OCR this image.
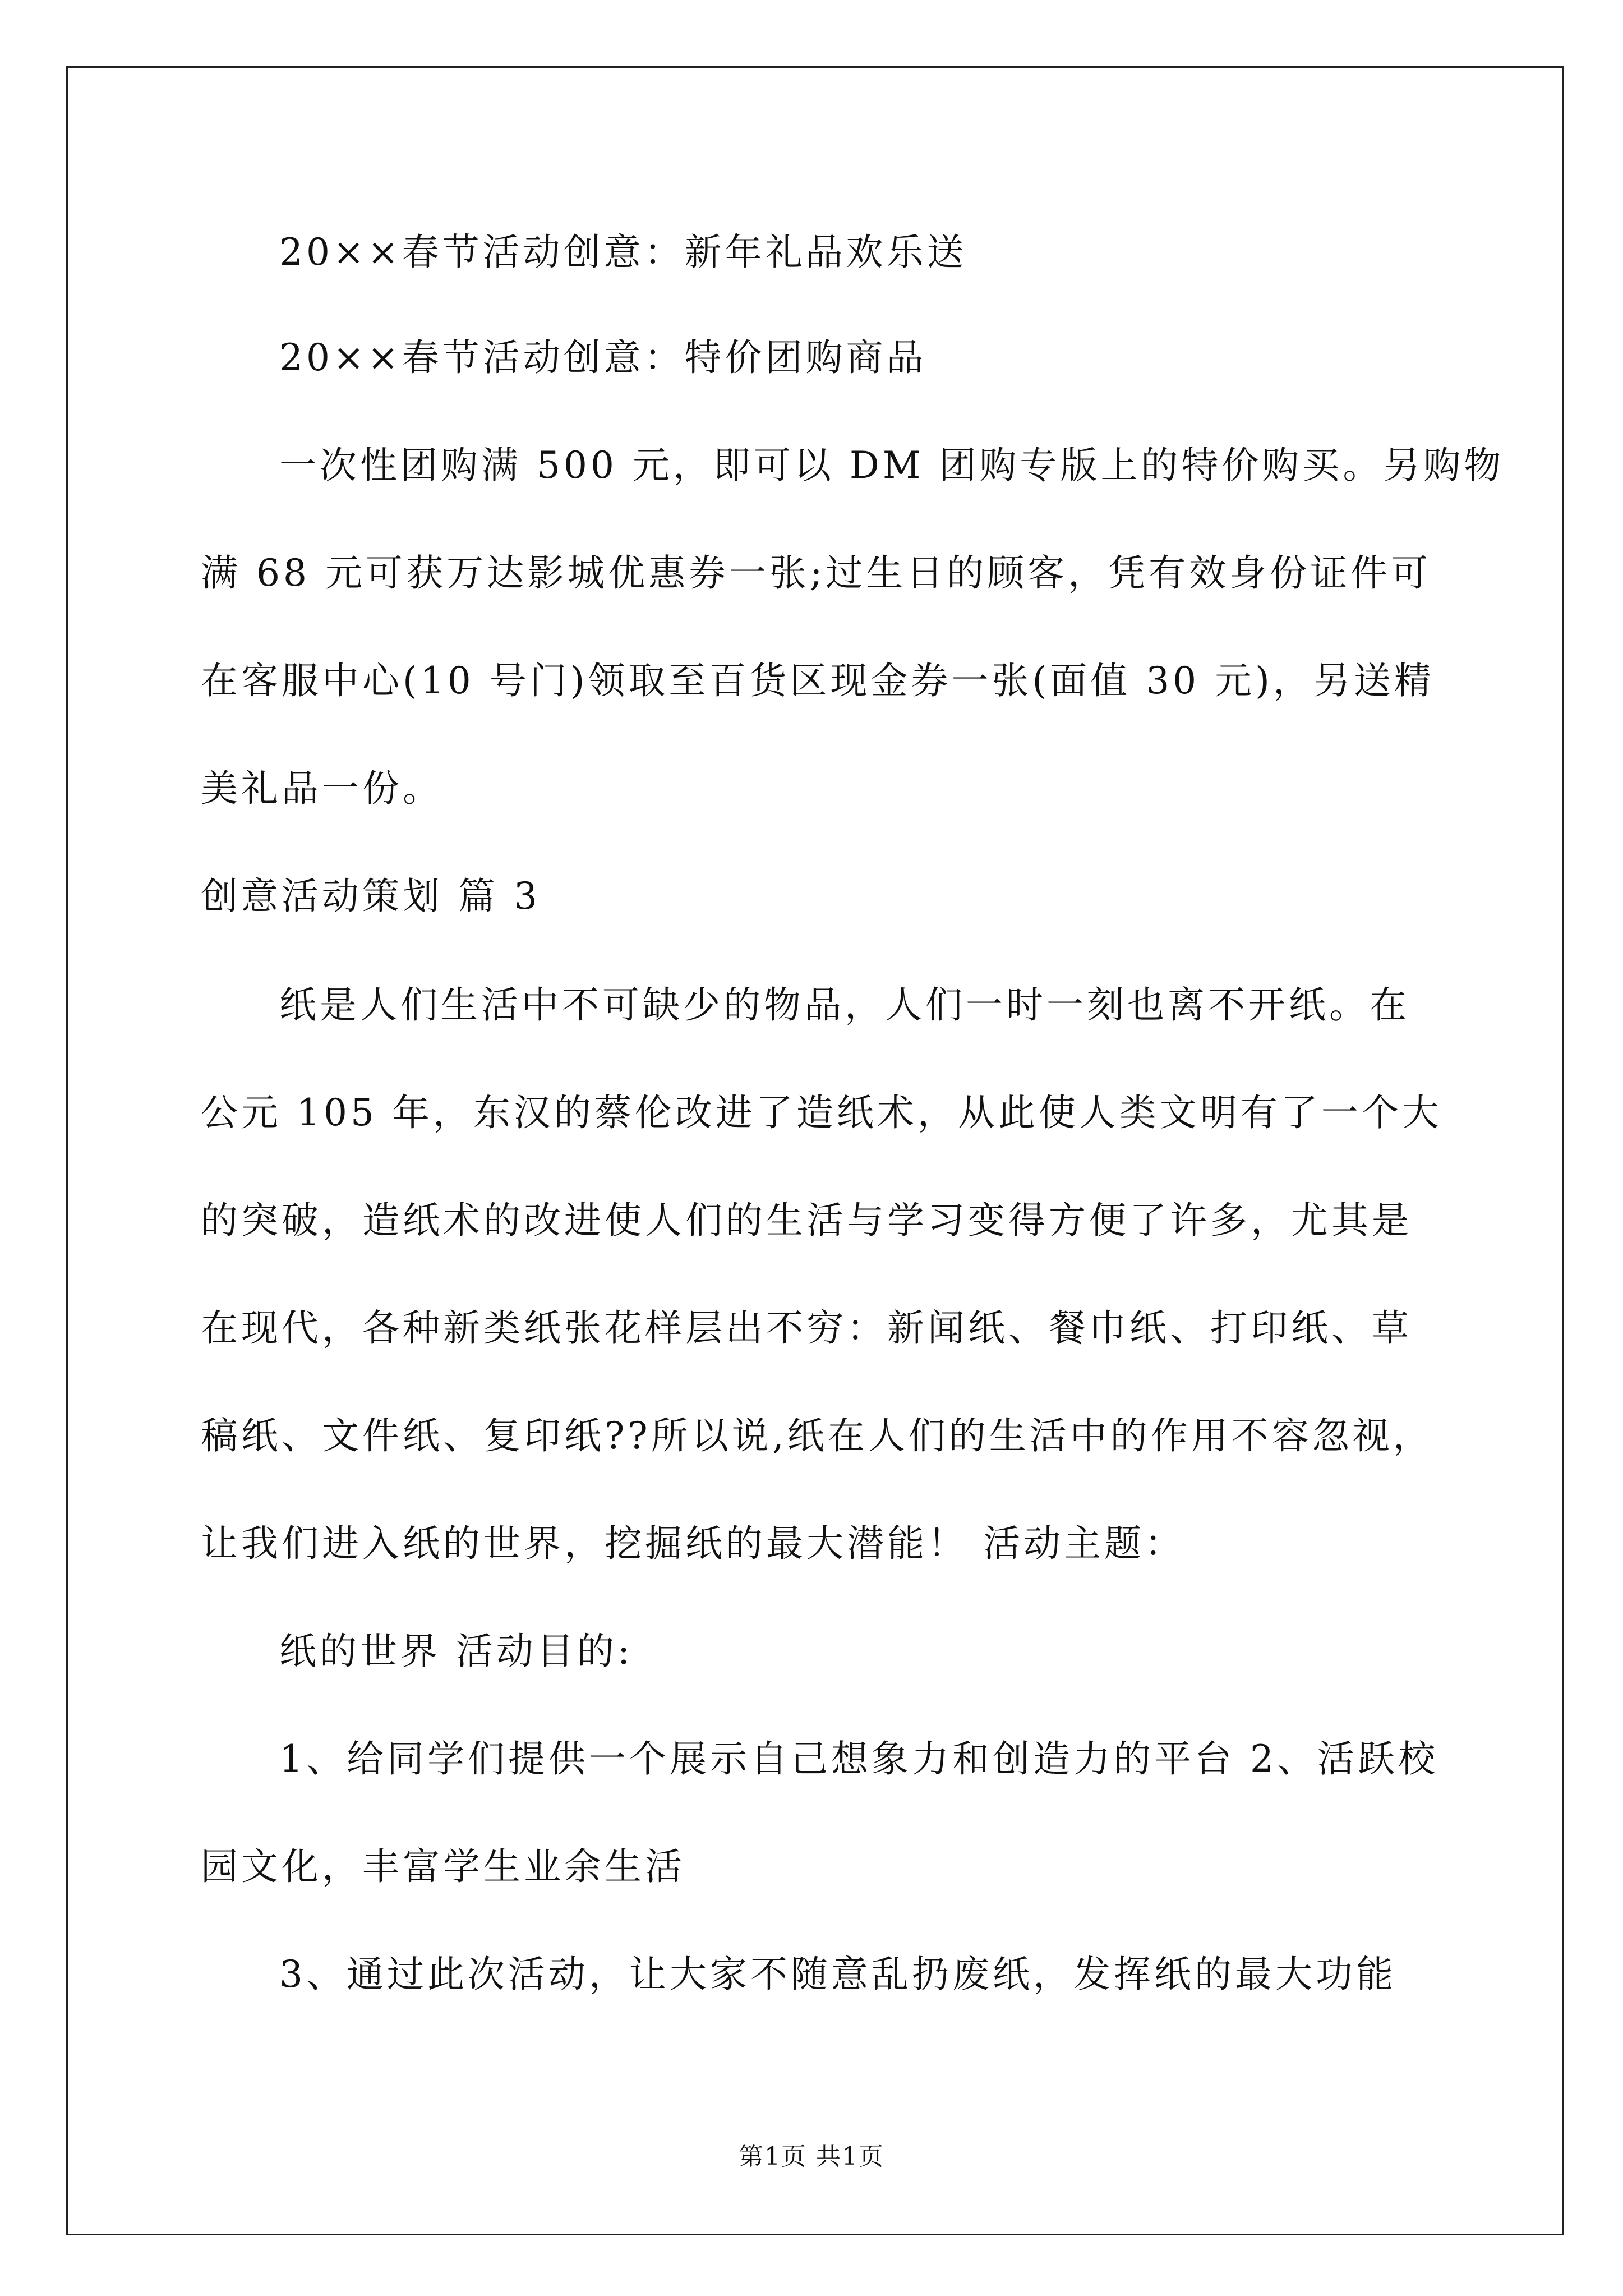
20××春节活动创意：新年礼品欢乐送
20××春节活动创意：特价团购商品
一次性团购满 500 元，即可以 DM 团购专版上的特价购买。另购物
满 68 元可获万达影城优惠券一张;过生日的顾客，凭有效身份证件可
在客服中心(10 号门)领取至百货区现金券一张(面值 30 元)，另送精
美礼品一份。
创意活动策划 篇 3
纸是人们生活中不可缺少的物品，人们一时一刻也离不开纸。在
公元 105 年，东汉的蔡伦改进了造纸术，从此使人类文明有了一个大
的突破，造纸术的改进使人们的生活与学习变得方便了许多，尤其是
在现代，各种新类纸张花样层出不穷：新闻纸、餐巾纸、打印纸、草
稿纸、文件纸、复印纸??所以说,纸在人们的生活中的作用不容忽视，
让我们进入纸的世界，挖掘纸的最大潜能！ 活动主题：
纸的世界 活动目的:
1、给同学们提供一个展示自己想象力和创造力的平台 2、活跃校
园文化，丰富学生业余生活
3、通过此次活动，让大家不随意乱扔废纸，发挥纸的最大功能
第1页 共1页
